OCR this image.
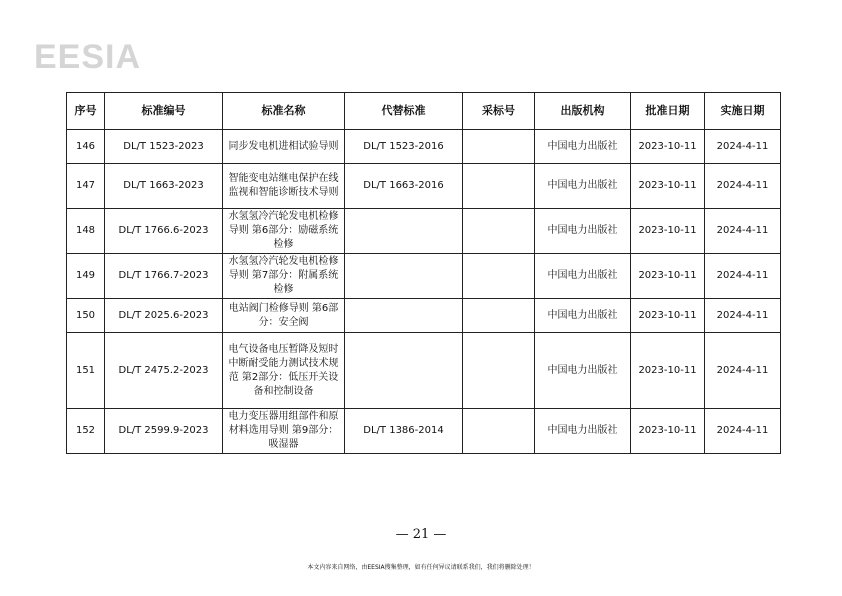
EESIA
序号	标准编号	标准名称	代替标准	采标号	出版机构	批准日期	实施日期
146	DL/T 1523-2023	同步发电机进相试验导则	DL/T 1523-2016		中国电力出版社	2023-10-11	2024-4-11
147	DL/T 1663-2023	智能变电站继电保护在线监视和智能诊断技术导则	DL/T 1663-2016		中国电力出版社	2023-10-11	2024-4-11
148	DL/T 1766.6-2023	水氢氢冷汽轮发电机检修导则 第6部分：励磁系统检修			中国电力出版社	2023-10-11	2024-4-11
149	DL/T 1766.7-2023	水氢氢冷汽轮发电机检修导则 第7部分：附属系统检修			中国电力出版社	2023-10-11	2024-4-11
150	DL/T 2025.6-2023	电站阀门检修导则 第6部分：安全阀			中国电力出版社	2023-10-11	2024-4-11
151	DL/T 2475.2-2023	电气设备电压暂降及短时中断耐受能力测试技术规范 第2部分：低压开关设备和控制设备			中国电力出版社	2023-10-11	2024-4-11
152	DL/T 2599.9-2023	电力变压器用组部件和原材料选用导则 第9部分：吸湿器	DL/T 1386-2014		中国电力出版社	2023-10-11	2024-4-11
— 21 —
本文内容来自网络，由EESIA搜集整理，如有任何异议请联系我们，我们将删除处理！
